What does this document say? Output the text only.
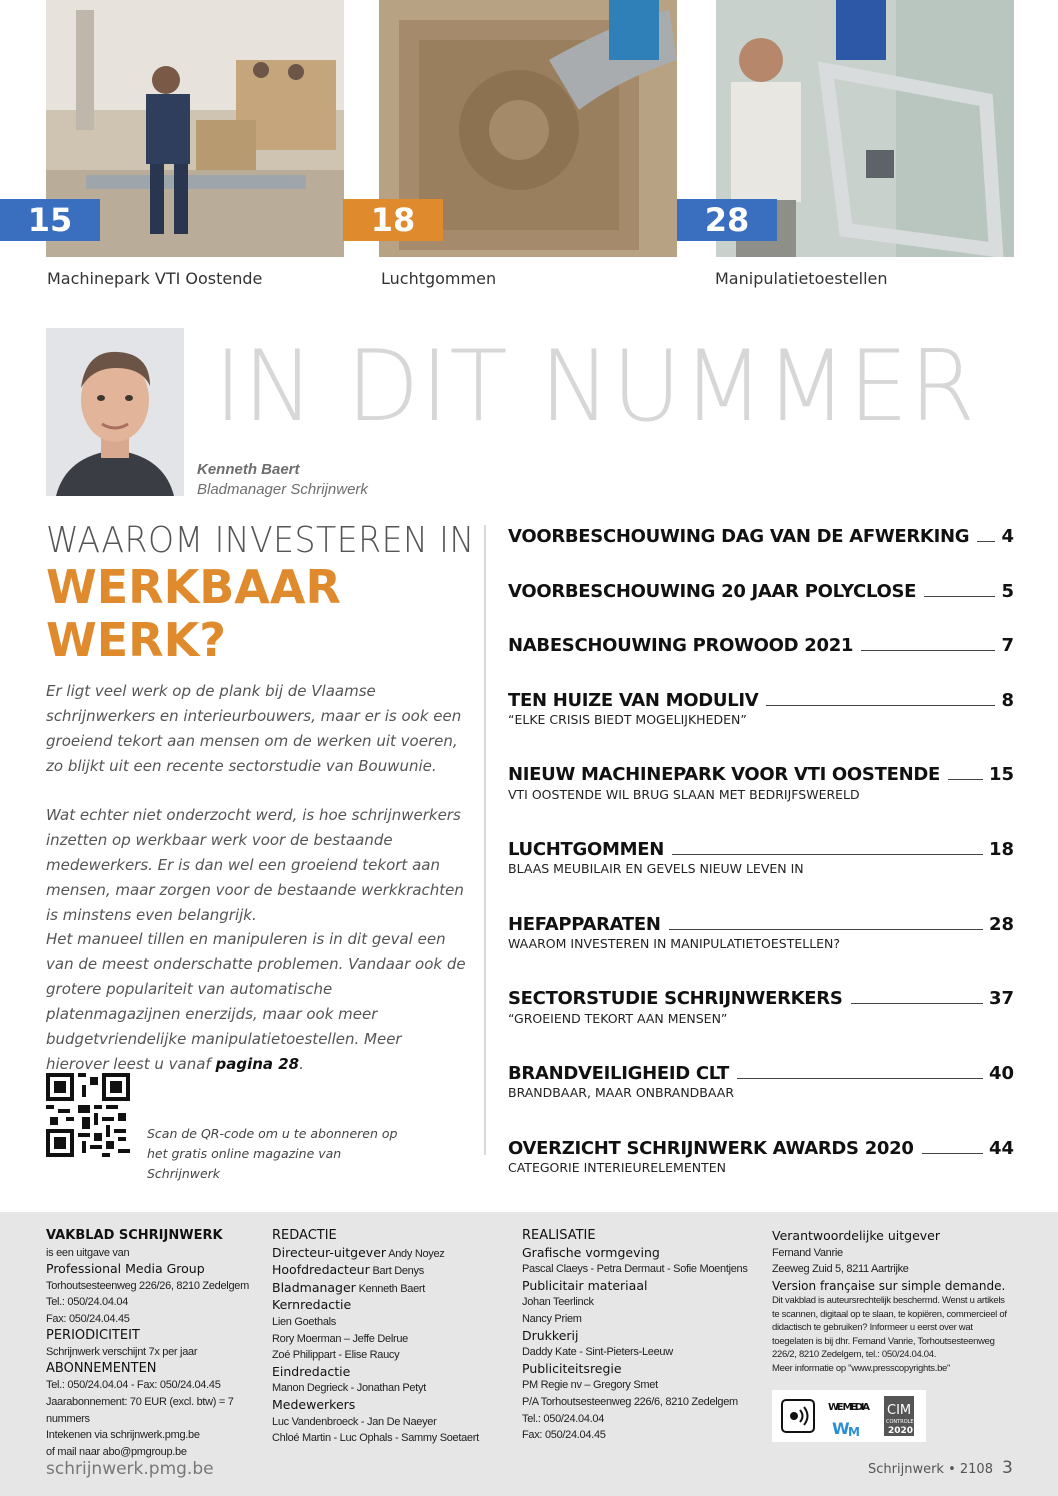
15	18	28
Machinepark VTI Oostende	Luchtgommen	Manipulatietoestellen
IN DIT NUMMER
Kenneth Baert
Bladmanager Schrijnwerk
WAAROM INVESTEREN IN
WERKBAAR
WERK?
Er ligt veel werk op de plank bij de Vlaamse schrijnwerkers en interieurbouwers, maar er is ook een groeiend tekort aan mensen om de werken uit voeren, zo blijkt uit een recente sectorstudie van Bouwunie.
Wat echter niet onderzocht werd, is hoe schrijnwerkers inzetten op werkbaar werk voor de bestaande medewerkers. Er is dan wel een groeiend tekort aan mensen, maar zorgen voor de bestaande werkkrachten is minstens even belangrijk.
Het manueel tillen en manipuleren is in dit geval een van de meest onderschatte problemen. Vandaar ook de grotere populariteit van automatische platenmagazijnen enerzijds, maar ook meer budgetvriendelijke manipulatietoestellen. Meer hierover leest u vanaf pagina 28.
Scan de QR-code om u te abonneren op het gratis online magazine van Schrijnwerk
VOORBESCHOUWING DAG VAN DE AFWERKING 4
VOORBESCHOUWING 20 JAAR POLYCLOSE	5
NABESCHOUWING PROWOOD 2021	7
TEN HUIZE VAN MODULIV	8
“ELKE CRISIS BIEDT MOGELIJKHEDEN”
NIEUW MACHINEPARK VOOR VTI OOSTENDE	15
VTI OOSTENDE WIL BRUG SLAAN MET BEDRIJFSWERELD
LUCHTGOMMEN	18
BLAAS MEUBILAIR EN GEVELS NIEUW LEVEN IN
HEFAPPARATEN	28
WAAROM INVESTEREN IN MANIPULATIETOESTELLEN?
SECTORSTUDIE SCHRIJNWERKERS	37
“GROEIEND TEKORT AAN MENSEN”
BRANDVEILIGHEID CLT	40
BRANDBAAR, MAAR ONBRANDBAAR
OVERZICHT SCHRIJNWERK AWARDS 2020	44
CATEGORIE INTERIEURELEMENTEN
VAKBLAD SCHRIJNWERK
is een uitgave van
Professional Media Group
Torhoutsesteenweg 226/26, 8210 Zedelgem
Tel.: 050/24.04.04
Fax: 050/24.04.45
PERIODICITEIT
Schrijnwerk verschijnt 7x per jaar
ABONNEMENTEN
Tel.: 050/24.04.04 - Fax: 050/24.04.45
Jaarabonnement: 70 EUR (excl. btw) = 7 nummers
Intekenen via schrijnwerk.pmg.be
of mail naar abo@pmgroup.be
REDACTIE
Directeur-uitgever Andy Noyez
Hoofdredacteur Bart Denys
Bladmanager Kenneth Baert
Kernredactie
Lien Goethals
Rory Moerman – Jeffe Delrue
Zoé Philippart - Elise Raucy
Eindredactie
Manon Degrieck - Jonathan Petyt
Medewerkers
Luc Vandenbroeck - Jan De Naeyer
Chloé Martin - Luc Ophals - Sammy Soetaert
REALISATIE
Grafische vormgeving
Pascal Claeys - Petra Dermaut - Sofie Moentjens
Publicitair materiaal
Johan Teerlinck
Nancy Priem
Drukkerij
Daddy Kate - Sint-Pieters-Leeuw
Publiciteitsregie
PM Regie nv – Gregory Smet
P/A Torhoutsesteenweg 226/6, 8210 Zedelgem
Tel.: 050/24.04.04
Fax: 050/24.04.45
Verantwoordelijke uitgever
Fernand Vanrie
Zeeweg Zuid 5, 8211 Aartrijke
Version française sur simple demande.
Dit vakblad is auteursrechtelijk beschermd. Wenst u artikels te scannen, digitaal op te slaan, te kopiëren, commercieel of didactisch te gebruiken? Informeer u eerst over wat toegelaten is bij dhr. Fernand Vanrie, Torhoutsesteenweg 226/2, 8210 Zedelgem, tel.: 050/24.04.04.
Meer informatie op "www.presscopyrights.be"
WE MEDIA
W
M
CIM
CONTROLE
2020
schrijnwerk.pmg.be	Schrijnwerk • 2108 3
